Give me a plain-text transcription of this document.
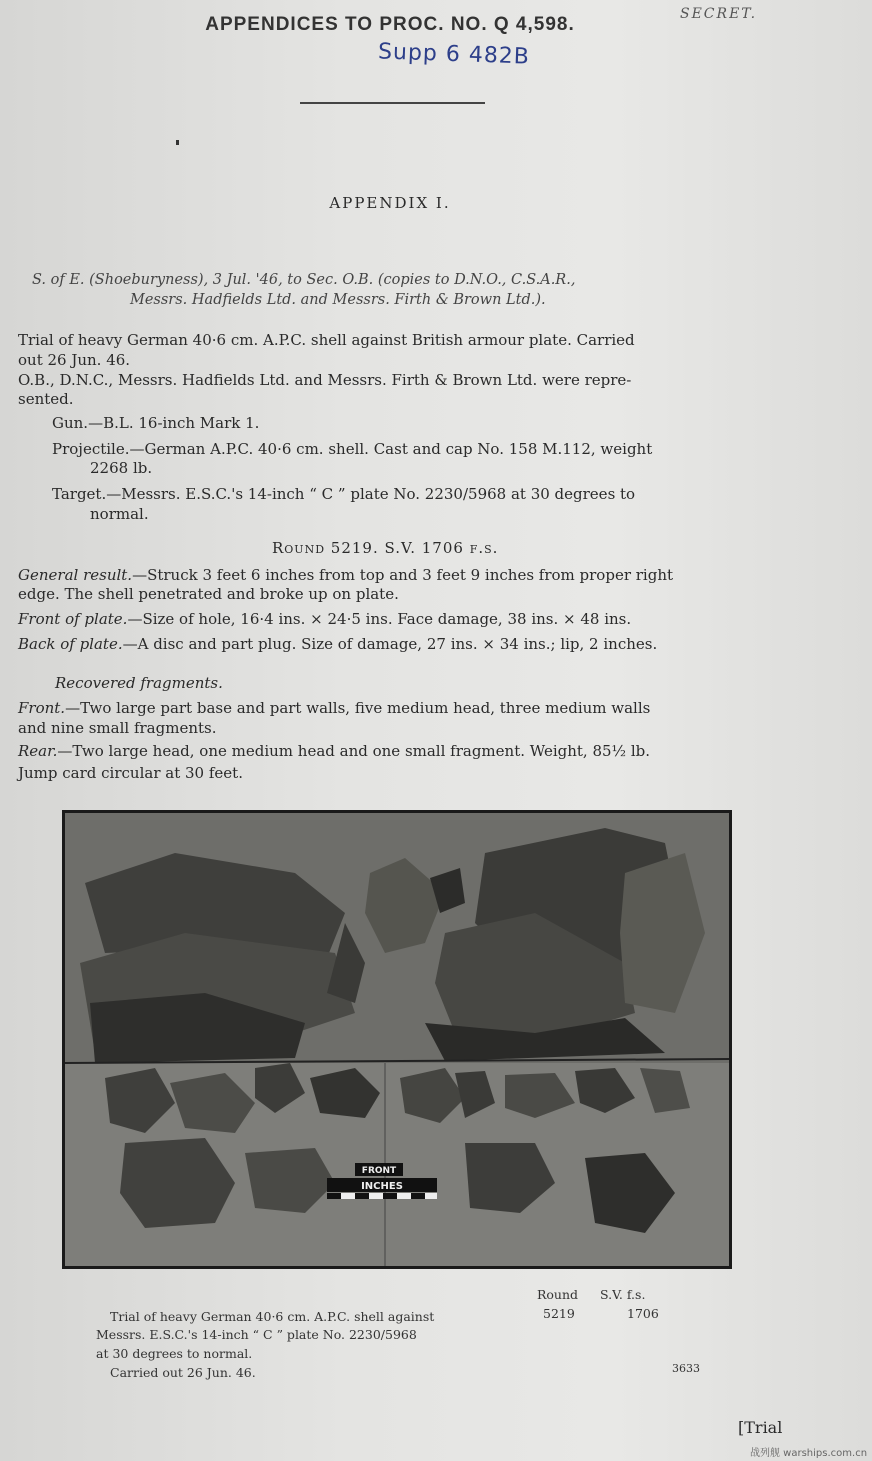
APPENDICES TO PROC. NO. Q 4,598.	SECRET.
Supp 6 482B
APPENDIX I.
S. of E. (Shoeburyness), 3 Jul. '46, to Sec. O.B. (copies to D.N.O., C.S.A.R.,
Messrs. Hadfields Ltd. and Messrs. Firth & Brown Ltd.).
Trial of heavy German 40·6 cm. A.P.C. shell against British armour plate. Carried
out 26 Jun. 46.
O.B., D.N.C., Messrs. Hadfields Ltd. and Messrs. Firth & Brown Ltd. were repre-
sented.
Gun.—B.L. 16-inch Mark 1.
Projectile.—German A.P.C. 40·6 cm. shell. Cast and cap No. 158 M.112, weight
2268 lb.
Target.—Messrs. E.S.C.'s 14-inch “ C ” plate No. 2230/5968 at 30 degrees to
normal.
Round 5219. S.V. 1706 f.s.
General result.—Struck 3 feet 6 inches from top and 3 feet 9 inches from proper right
edge. The shell penetrated and broke up on plate.
Front of plate.—Size of hole, 16·4 ins. × 24·5 ins. Face damage, 38 ins. × 48 ins.
Back of plate.—A disc and part plug. Size of damage, 27 ins. × 34 ins.; lip, 2 inches.
Recovered fragments.
Front.—Two large part base and part walls, five medium head, three medium walls
and nine small fragments.
Rear.—Two large head, one medium head and one small fragment. Weight, 85½ lb.
Jump card circular at 30 feet.
FRONT
INCHES
Trial of heavy German 40·6 cm. A.P.C. shell against
Messrs. E.S.C.'s 14-inch “ C ” plate No. 2230/5968
at 30 degrees to normal.
Carried out 26 Jun. 46.
Round S.V. f.s.
5219	1706
3633
[Trial
战列舰 warships.com.cn
